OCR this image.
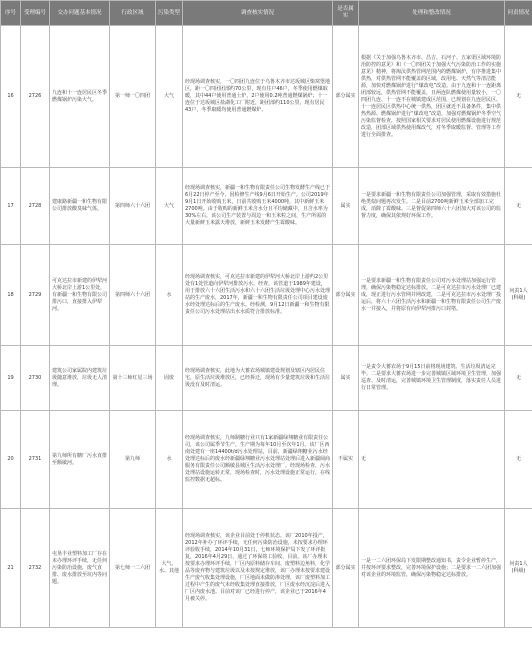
序号	受理编号	交办问题基本情况	行政区域	污染类型	调查核实情况	是否属实	处理和整改情况	问责情况
16	2726	九连和十一连居民区冬季燃煤锅炉污染大气。	第一师一〇四团	大气	经现场调查核实，一〇四团九连位于乌鲁木齐市达坂城区柴窝堡地区，距一〇四团团部约70公里，现有住户46户，冬季使用燃煤取暖，其中44户使用普通土炉，2户使用0.2吨普通燃煤锅炉；十一连位于达坂城区盐湖化工厂附近，距团部约110公里，现有居民43户，冬季取暖均使用普通燃煤炉。	部分属实	根据《关于加强乌鲁木齐市、昌吉、石河子、五家渠区域环境防治防控的意见》和《一〇四团关于加强大气污染防治工作的实施意见》精神，将淘汰供热管网范围内的燃煤锅炉，有序推进集中供热，对供热管网不能覆盖的区域，改用电、天然气等清洁能源，加快对燃煤锅炉进行“煤改电”改造。由于九连和十一连距离团部较远，供热管网不能覆盖，且两连队燃煤使用量较小，一〇四团九连、十一连不在城镇建成区范围，已规划在九连居民区、十一连居民区供热中心统一供热，团区就近不具备条件，集中供热热源、燃煤锅炉进行“煤改电”改造，加强对燃煤锅炉冬季空气污染监督检查，按照国家相关要求对居民使用燃煤设施进行规范改造，团部区域供热使用煤改气，对冬季取暖监督、管理等工作进行全面排查。	无
17	2728	建康路新疆一和生物有限公司排放酸臭味气体。	第四师六十六团	大气	经现场调查核实，新疆一和生物有限责任公司生物发酵生产线已于6月22日停产至今，因检修生产线9月6日开始生产。公司2019年9月1日开始收购玉米，日前共收购玉米4000吨，其中新鲜玉米2700吨。由于收购的新鲜玉米含水分且平均储藏中，且含水率为30%左右，该公司生产装置与周边一和玉米粒之间，生产所需的大量新鲜玉米露天堆放，新鲜玉米发酵产生霉酸味。	属实	一是要求新疆一和生物有限责任公司加强管理，采取有效措施杜绝类似问题再次发生。二是目前2700吨新鲜玉米全部加工完成，消除了霉酸味。三是督促第四师六十六团加大对该公司的监督力度，确保其依规好环保工作。	无
18	2729	可克达拉市新建的伊犁河大桥北岸上游1公里处，有新疆一和生物有限公司排污口，直接排入伊犁河。	第四师六十六团	水	经现场调查核实，可克达拉市新建的伊犁河大桥北岸上游约2公里处有1处管道向伊犁河排放污水，经查，该管道于1989年建设，用于排放六十六团生活污水和六十六团生活垃圾处理中心污水处理站的生产废水，2017年，新疆一和生物有限责任公司项目建设废水经处理达标后的生产废水。经检测，9月12日新疆一和生物有限责任公司污水处理站出水水质符合排放标准。	部分属实	一是要求新疆一和生物有限责任公司对污水处理站加强运行管理，确保污染物稳定达标排放。二是可克达拉市污水处理厂已建成，现正进行污水管网并网改建，二是可克达拉市污水处理厂投运后，将六十六团生活污水和新疆一和生物有限责任公司生产废水一并接入，并将原有向伊犁河排污口封堵。	问责1人(科级)
19	2730	建筑公司家属院内建筑垃圾随意堆放，垃圾无人清理。	第十三师红星三场	固废	经现场调查核实，此地为大蓄农场城镇建设规划及辖区内居民住宅，原生活垃圾堆放区，已经拆迁，现场有少量建筑垃圾和生活垃圾没有及时清运。	属实	一是责令大蓄农场于9月15日前将现场建筑、生活垃圾清运完毕。二是要求大蓄农场进一步完善城镇区域环境卫生管理，加强巡查、及时清运，完善城镇环境卫生管理制度，落实责任人员进行日常管理。	无
20	2731	第九师所有糖厂污水直排至额敏河。	第九师	水	经现场调查核实，九师制糖行业只有1家新疆绿翔糖业有限责任公司，该公司属季节生产，生产期为每年10月至次年1月。该厂区西南处建有一座14400t/d污水处理站，目前，新疆绿翔糖业污水经处理达标后的废水经新疆绿翔糖业污水处理站处理后进入新疆阔商服务有限责任公司额敏县城区生活污水处理厂。经现场检查，污水处理站设施运转正常，现场检查时，污水处理设施正常运行，在线监控数据无超标。	不属实	无	无
21	2732	屯垦丰业塑料加工厂存在未办理环评手续，无任何污染防治设施，废气直排、废水排放至坑内等问题。	第七师一二六团	大气、水、其他	经现场调查核实，该企业目前处于停机状态。该厂2010年投产，2012年补办了环评手续，无任何污染防治设施，未按要求办理环评验收手续，2014年10月31日，七师环境保护局下发了环评批复，2016年4月29日，通过了环保竣工验收，目前，该厂办理未按要求办理环评手续，厂区内原料储存车间、废塑料边角料，化学品等废弃物与建筑垃圾以及未按规定堆放，该厂办理未按要求建设生产废气收集处理设施，厂区地面未做防渗处理，该厂废塑料加工过程中产生的废气未经收集处理直接排放，厂区废水经沉淀后进入厂区内废水池。目前对该厂已经进行停产，该企业已于2016年4月被关停。	部分属实	一是一二六团环保局下发限期整改通知书，责令企业暂停生产，并按环评要求整改，完善环境保护设施；二是要求一二六团加强对该企业的环境监管，确保污染物稳定达标排放。	问责1人(科级)
